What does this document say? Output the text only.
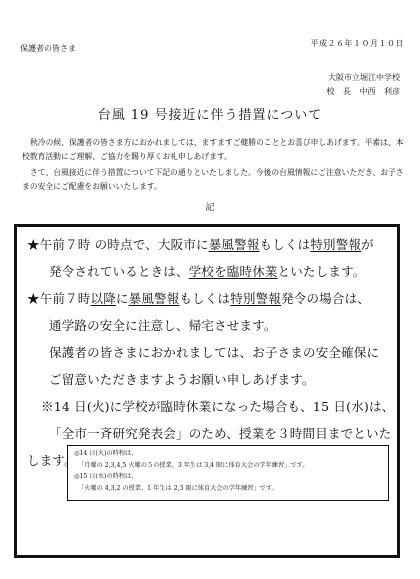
平成２６年１０月１０日
保護者の皆さま
大阪市立堀江中学校
校 長 中西 利彦
台風 19 号接近に伴う措置について
秋冷の候、保護者の皆さま方におかれましては、ますますご健勝のこととお喜び申しあげます。平素は、本校教育活動にご理解、ご協力を賜り厚くお礼申しあげます。
さて、台風接近に伴う措置について下記の通りといたしました。今後の台風情報にご注意いただき、お子さまの安全にご配慮をお願いいたします。
記
★午前７時 の時点で、大阪市に暴風警報もしくは特別警報が
発令されているときは、学校を臨時休業といたします。
★午前７時以降に暴風警報もしくは特別警報発令の場合は、
通学路の安全に注意し、帰宅させます。
保護者の皆さまにおかれましては、お子さまの安全確保に
ご留意いただきますようお願い申しあげます。
※14 日(火)に学校が臨時休業になった場合も、15 日(水)は、
「全市一斉研究発表会」のため、授業を３時間目までといた
します。
◎14 日(火)の時程は、
「月曜の 2,3,4,5 火曜の５の授業、3 年生は 3,4 限に体育大会の学年練習」です。
◎15 日(水)の時程は、
「火曜の 4,3,2 の授業、1 年生は 2,3 限に体育大会の学年練習」です。
